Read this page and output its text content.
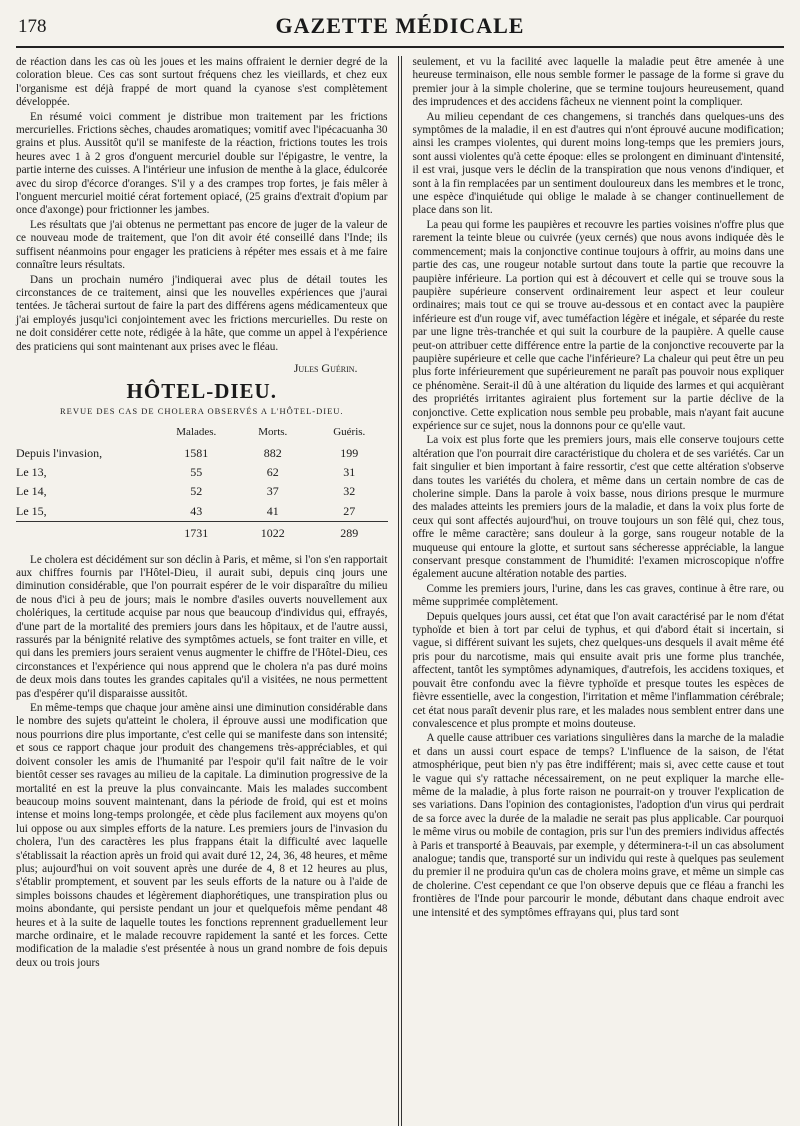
178	GAZETTE MÉDICALE

de réaction dans les cas où les joues et les mains offraient le dernier degré de la coloration bleue. Ces cas sont surtout fréquens chez les vieillards, et chez eux l'organisme est déjà frappé de mort quand la cyanose s'est complètement développée.

En résumé voici comment je distribue mon traitement par les frictions mercurielles. Frictions sèches, chaudes aromatiques; vomitif avec l'ipécacuanha 30 grains et plus. Aussitôt qu'il se manifeste de la réaction, frictions toutes les trois heures avec 1 à 2 gros d'onguent mercuriel double sur l'épigastre, le ventre, la partie interne des cuisses. A l'intérieur une infusion de menthe à la glace, édulcorée avec du sirop d'écorce d'oranges. S'il y a des crampes trop fortes, je fais mêler à l'onguent mercuriel moitié cérat fortement opiacé, (25 grains d'extrait d'opium par once d'axonge) pour frictionner les jambes.

Les résultats que j'ai obtenus ne permettant pas encore de juger de la valeur de ce nouveau mode de traitement, que l'on dit avoir été conseillé dans l'Inde; ils suffisent néanmoins pour engager les praticiens à répéter mes essais et à me faire connaître leurs résultats.

Dans un prochain numéro j'indiquerai avec plus de détail toutes les circonstances de ce traitement, ainsi que les nouvelles expériences que j'aurai tentées. Je tâcherai surtout de faire la part des différens agens médicamenteux que j'ai employés jusqu'ici conjointement avec les frictions mercurielles. Du reste on ne doit considérer cette note, rédigée à la hâte, que comme un appel à l'expérience des praticiens qui sont maintenant aux prises avec le fléau.

Jules Guérin.
HÔTEL-DIEU.
REVUE DES CAS DE CHOLERA OBSERVÉS A L'HÔTEL-DIEU.
	Malades.	Morts.	Guéris.
Depuis l'invasion,	1581	882	199
Le 13,	55	62	31
Le 14,	52	37	32
Le 15,	43	41	27
	1731	1022	289

Le cholera est décidément sur son déclin à Paris, et même, si l'on s'en rapportait aux chiffres fournis par l'Hôtel-Dieu, il aurait subi, depuis cinq jours une diminution considérable, que l'on pourrait espérer de le voir disparaître du milieu de nous d'ici à peu de jours; mais le nombre d'asiles ouverts nouvellement aux cholériques, la certitude acquise par nous que beaucoup d'individus qui, effrayés, d'une part de la mortalité des premiers jours dans les hôpitaux, et de l'autre aussi, rassurés par la bénignité relative des symptômes actuels, se font traiter en ville, et qui dans les premiers jours seraient venus augmenter le chiffre de l'Hôtel-Dieu, ces circonstances et l'expérience qui nous apprend que le cholera n'a pas duré moins de deux mois dans toutes les grandes capitales qu'il a visitées, ne nous permettent pas d'espérer qu'il disparaisse aussitôt.

En même-temps que chaque jour amène ainsi une diminution considérable dans le nombre des sujets qu'atteint le cholera, il éprouve aussi une modification que nous pourrions dire plus importante, c'est celle qui se manifeste dans son intensité; et sous ce rapport chaque jour produit des changemens très-appréciables, et qui doivent consoler les amis de l'humanité par l'espoir qu'il fait naître de le voir bientôt cesser ses ravages au milieu de la capitale. La diminution progressive de la mortalité en est la preuve la plus convaincante. Mais les malades succombent beaucoup moins souvent maintenant, dans la période de froid, qui est et moins intense et moins long-temps prolongée, et cède plus facilement aux moyens qu'on lui oppose ou aux simples efforts de la nature. Les premiers jours de l'invasion du cholera, l'un des caractères les plus frappans était la difficulté avec laquelle s'établissait la réaction après un froid qui avait duré 12, 24, 36, 48 heures, et même plus; aujourd'hui on voit souvent après une durée de 4, 8 et 12 heures au plus, s'établir promptement, et souvent par les seuls efforts de la nature ou à l'aide de simples boissons chaudes et légèrement diaphorétiques, une transpiration plus ou moins abondante, qui persiste pendant un jour et quelquefois même pendant 48 heures et à la suite de laquelle toutes les fonctions reprennent graduellement leur marche ordinaire, et le malade recouvre rapidement la santé et les forces. Cette modification de la maladie s'est présentée à nous un grand nombre de fois depuis deux ou trois jours

seulement, et vu la facilité avec laquelle la maladie peut être amenée à une heureuse terminaison, elle nous semble former le passage de la forme si grave du premier jour à la simple cholerine, que se termine toujours heureusement, quand des imprudences et des accidens fâcheux ne viennent point la compliquer.

Au milieu cependant de ces changemens, si tranchés dans quelques-uns des symptômes de la maladie, il en est d'autres qui n'ont éprouvé aucune modification; ainsi les crampes violentes, qui durent moins long-temps que les premiers jours, sont aussi violentes qu'à cette époque: elles se prolongent en diminuant d'intensité, il est vrai, jusque vers le déclin de la transpiration que nous venons d'indiquer, et sont à la fin remplacées par un sentiment douloureux dans les membres et le tronc, une espèce d'inquiétude qui oblige le malade à se changer continuellement de place dans son lit.

La peau qui forme les paupières et recouvre les parties voisines n'offre plus que rarement la teinte bleue ou cuivrée (yeux cernés) que nous avons indiquée dès le commencement; mais la conjonctive continue toujours à offrir, au moins dans une partie des cas, une rougeur notable surtout dans toute la partie que recouvre la paupière inférieure. La portion qui est à découvert et celle qui se trouve sous la paupière supérieure conservent ordinairement leur aspect et leur couleur ordinaires; mais tout ce qui se trouve au-dessous et en contact avec la paupière inférieure est d'un rouge vif, avec tuméfaction légère et inégale, et séparée du reste par une ligne très-tranchée et qui suit la courbure de la paupière. A quelle cause peut-on attribuer cette différence entre la partie de la conjonctive recouverte par la paupière supérieure et celle que cache l'inférieure? La chaleur qui peut être un peu plus forte inférieurement que supérieurement ne paraît pas pouvoir nous expliquer ce phénomène. Serait-il dû à une altération du liquide des larmes et qui acquièrant des propriétés irritantes agiraient plus fortement sur la partie déclive de la conjonctive. Cette explication nous semble peu probable, mais n'ayant fait aucune expérience sur ce sujet, nous la donnons pour ce qu'elle vaut.

La voix est plus forte que les premiers jours, mais elle conserve toujours cette altération que l'on pourrait dire caractéristique du cholera et de ses variétés. Car un fait singulier et bien important à faire ressortir, c'est que cette altération s'observe dans toutes les variétés du cholera, et même dans un certain nombre de cas de cholerine simple. Dans la parole à voix basse, nous dirions presque le murmure des malades atteints les premiers jours de la maladie, et dans la voix plus forte de ceux qui sont affectés aujourd'hui, on trouve toujours un son fêlé qui, chez tous, offre le même caractère; sans douleur à la gorge, sans rougeur notable de la muqueuse qui entoure la glotte, et surtout sans sécheresse appréciable, la langue conservant presque constamment de l'humidité: l'examen microscopique n'offre également aucune altération notable des parties.

Comme les premiers jours, l'urine, dans les cas graves, continue à être rare, ou même supprimée complètement.

Depuis quelques jours aussi, cet état que l'on avait caractérisé par le nom d'état typhoïde et bien à tort par celui de typhus, et qui d'abord était si incertain, si vague, si différent suivant les sujets, chez quelques-uns desquels il avait même été pris pour du narcotisme, mais qui ensuite avait pris une forme plus tranchée, affectent, tantôt les symptômes adynamiques, d'autrefois, les accidens toxiques, et pouvait être confondu avec la fièvre typhoïde et presque toutes les espèces de fièvre essentielle, avec la congestion, l'irritation et même l'inflammation cérébrale; cet état nous paraît devenir plus rare, et les malades nous semblent entrer dans une convalescence et plus prompte et moins douteuse.

A quelle cause attribuer ces variations singulières dans la marche de la maladie et dans un aussi court espace de temps? L'influence de la saison, de l'état atmosphérique, peut bien n'y pas être indifférent; mais si, avec cette cause et tout le vague qui s'y rattache nécessairement, on ne peut expliquer la marche elle-même de la maladie, à plus forte raison ne pourrait-on y trouver l'explication de ses variations. Dans l'opinion des contagionistes, l'adoption d'un virus qui perdrait de sa force avec la durée de la maladie ne serait pas plus applicable. Car pourquoi le même virus ou mobile de contagion, pris sur l'un des premiers individus affectés à Paris et transporté à Beauvais, par exemple, y déterminera-t-il un cas absolument analogue; tandis que, transporté sur un individu qui reste à quelques pas seulement du premier il ne produira qu'un cas de cholera moins grave, et même un simple cas de cholerine. C'est cependant ce que l'on observe depuis que ce fléau a franchi les frontières de l'Inde pour parcourir le monde, débutant dans chaque endroit avec une intensité et des symptômes effrayans qui, plus tard sont
